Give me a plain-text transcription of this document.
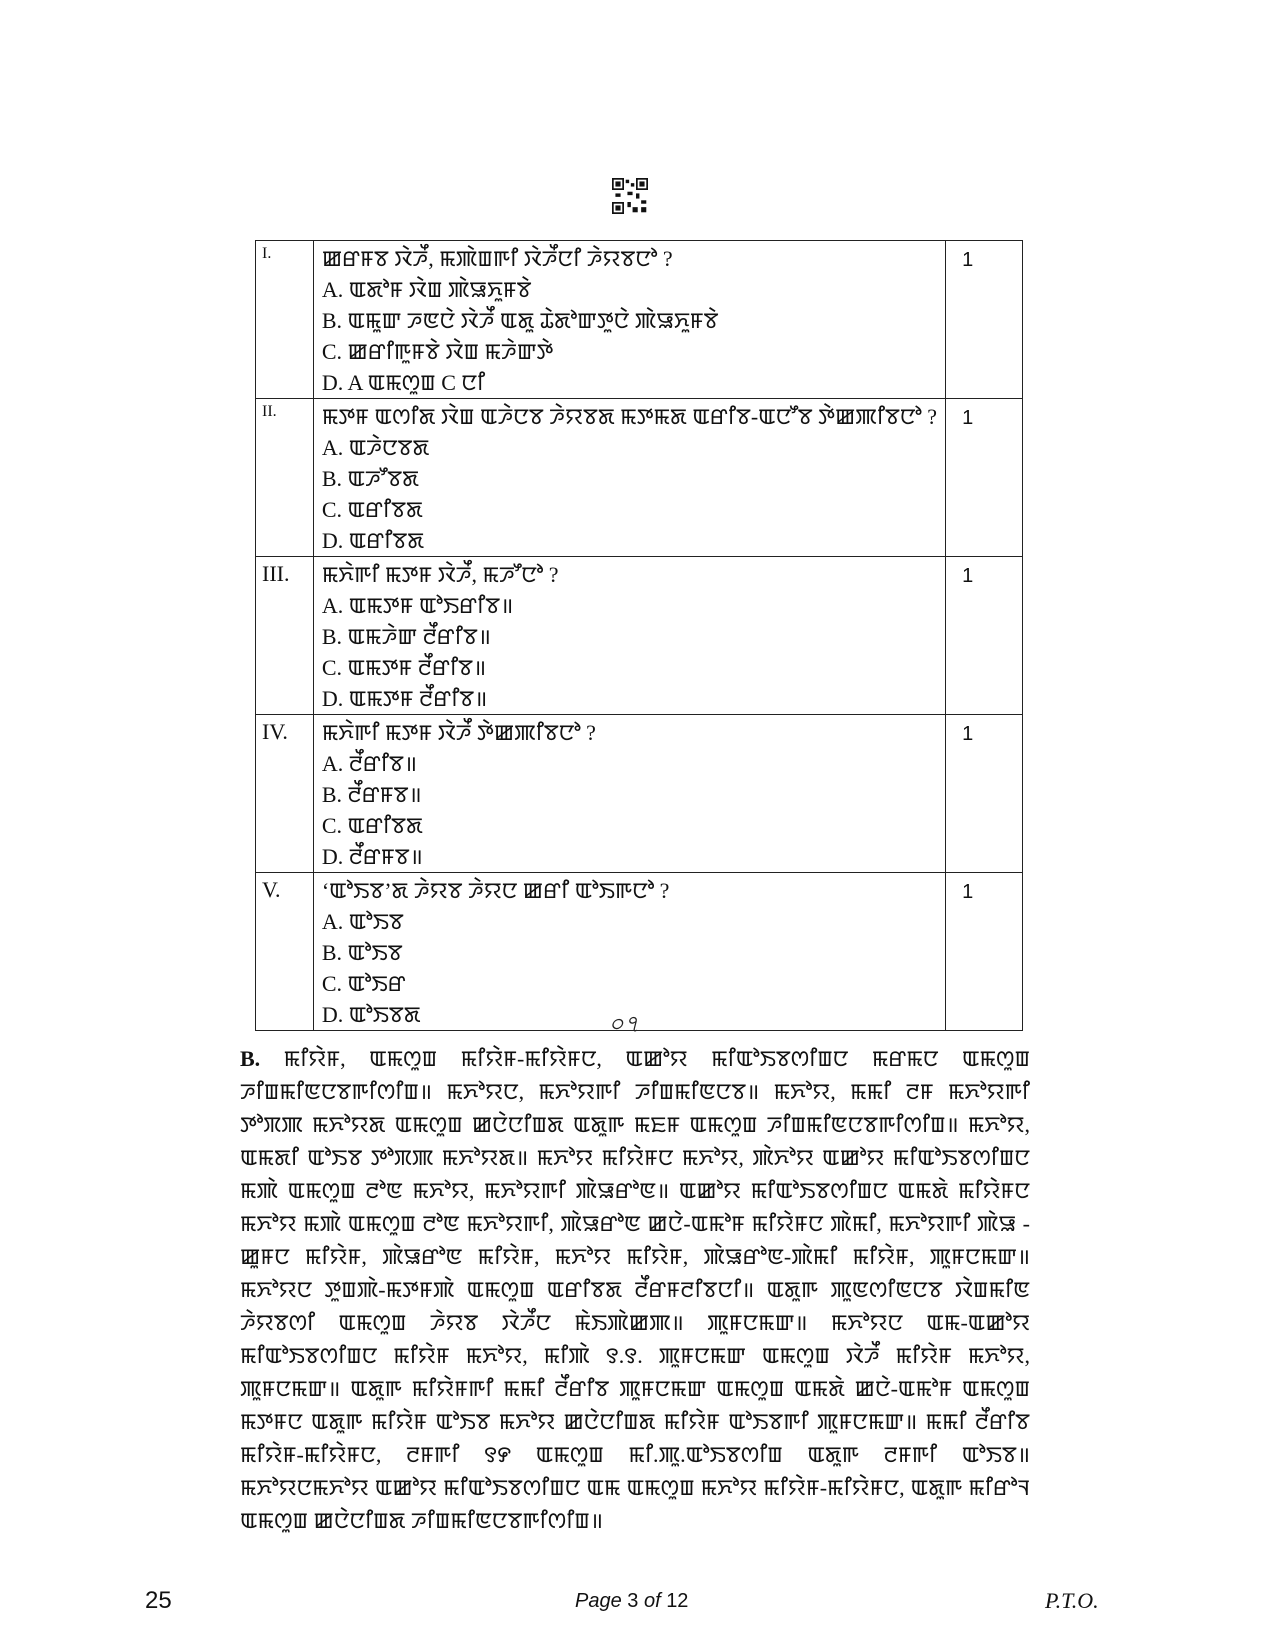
I.	ꯀꯔꯝꯕ ꯋꯥꯍꯩ, ꯃꯄꯥꯡꯒꯤ ꯋꯥꯍꯩꯅꯤ ꯍꯥꯌꯕꯅꯣ ?
A. ꯑꯗꯣꯝ ꯋꯥꯡ ꯄꯥꯎꯈꯨꯝꯕꯥ
B. ꯑꯃꯨꯛ ꯍꯟꯅꯥ ꯋꯥꯍꯩ ꯑꯗꯨ ꯊꯥꯗꯣꯛꯇꯨꯅꯥ ꯄꯥꯎꯈꯨꯝꯕꯥ
C. ꯀꯔꯤꯒꯨꯝꯕꯥ ꯋꯥꯡ ꯃꯍꯥꯛꯇꯥ
D. A ꯑꯃꯁꯨꯡ C ꯅꯤ	1
II.	ꯃꯇꯝ ꯑꯁꯤꯗ ꯋꯥꯡ ꯑꯍꯥꯅꯕ ꯍꯥꯌꯕꯗ ꯃꯇꯃꯗ ꯑꯔꯤꯕ-ꯑꯅꯧꯕ ꯇꯥꯀꯄꯤꯕꯅꯣ ?
A. ꯑꯍꯥꯅꯕꯗ
B. ꯑꯍꯧꯕꯗ
C. ꯑꯔꯤꯕꯗ
D. ꯑꯔꯤꯕꯗ	1
III.	ꯃꯈꯥꯒꯤ ꯃꯇꯝ ꯋꯥꯍꯩ, ꯃꯍꯧꯅꯣ ?
A. ꯑꯃꯇꯝ ꯑꯣꯏꯔꯤꯕ॥
B. ꯑꯃꯍꯥꯛ ꯂꯩꯔꯤꯕ॥
C. ꯑꯃꯇꯝ ꯂꯩꯔꯤꯕ॥
D. ꯑꯃꯇꯝ ꯂꯩꯔꯤꯕ॥	1
IV.	ꯃꯈꯥꯒꯤ ꯃꯇꯝ ꯋꯥꯍꯩ ꯇꯥꯀꯄꯤꯕꯅꯣ ?
A. ꯂꯩꯔꯤꯕ॥
B. ꯂꯩꯔꯝꯕ॥
C. ꯑꯔꯤꯕꯗ
D. ꯂꯩꯔꯝꯕ॥	1
V.	‘ꯑꯣꯏꯕ’ꯗ ꯍꯥꯌꯕ ꯍꯥꯌꯅ ꯀꯔꯤ ꯑꯣꯏꯒꯅꯣ ?
A. ꯑꯣꯏꯕ
B. ꯑꯣꯏꯕ
C. ꯑꯣꯏꯔ
D. ꯑꯣꯏꯕꯗ	1
০৭
B. ꯃꯤꯌꯥꯝ, ꯑꯃꯁꯨꯡ ꯃꯤꯌꯥꯝ-ꯃꯤꯌꯥꯝꯅ, ꯑꯀꯣꯌ ꯃꯤꯑꯣꯏꯕꯁꯤꯡꯅ ꯃꯔꯃꯅ ꯑꯃꯁꯨꯡ ꯍꯤꯡꯃꯤꯟꯅꯕꯒꯤꯁꯤꯡ॥ ꯃꯈꯣꯌꯅ, ꯃꯈꯣꯌꯒꯤ ꯍꯤꯡꯃꯤꯟꯅꯕ॥ ꯃꯈꯣꯌ, ꯃꯃꯤ ꯂꯝ ꯃꯈꯣꯌꯒꯤ ꯇꯣꯞꯄ ꯃꯈꯣꯌꯗ ꯑꯃꯁꯨꯡ ꯀꯅꯥꯅꯤꯡꯗ ꯑꯗꯨꯒ ꯃꯐꯝ ꯑꯃꯁꯨꯡ ꯍꯤꯡꯃꯤꯟꯅꯕꯒꯤꯁꯤꯡ॥ ꯃꯈꯣꯌ, ꯑꯃꯗꯤ ꯑꯣꯏꯕ ꯇꯣꯞꯄ ꯃꯈꯣꯌꯗ॥ ꯃꯈꯣꯌ ꯃꯤꯌꯥꯝꯅ ꯃꯈꯣꯌ, ꯄꯥꯈꯣꯌ ꯑꯀꯣꯌ ꯃꯤꯑꯣꯏꯕꯁꯤꯡꯅ ꯃꯄꯥ ꯑꯃꯁꯨꯡ ꯂꯣꯟ ꯃꯈꯣꯌ, ꯃꯈꯣꯌꯒꯤ ꯄꯥꯎꯔꯣꯟ॥ ꯑꯀꯣꯌ ꯃꯤꯑꯣꯏꯕꯁꯤꯡꯅ ꯑꯃꯗꯥ ꯃꯤꯌꯥꯝꯅ ꯃꯈꯣꯌ ꯃꯄꯥ ꯑꯃꯁꯨꯡ ꯂꯣꯟ ꯃꯈꯣꯌꯒꯤ, ꯄꯥꯎꯔꯣꯟ ꯀꯅꯥ-ꯑꯃꯣꯝ ꯃꯤꯌꯥꯝꯅ ꯄꯥꯃꯤ, ꯃꯈꯣꯌꯒꯤ ꯄꯥꯎ - ꯀꯨꯝꯅ ꯃꯤꯌꯥꯝ, ꯄꯥꯎꯔꯣꯟ ꯃꯤꯌꯥꯝ, ꯃꯈꯣꯌ ꯃꯤꯌꯥꯝ, ꯄꯥꯎꯔꯣꯟ-ꯄꯥꯃꯤ ꯃꯤꯌꯥꯝ, ꯄꯨꯝꯅꯃꯛ॥ ꯃꯈꯣꯌꯅ ꯇꯨꯡꯄꯥ-ꯃꯇꯝꯄꯥ ꯑꯃꯁꯨꯡ ꯑꯔꯤꯕꯗ ꯂꯩꯔꯝꯂꯤꯕꯅꯤ॥ ꯑꯗꯨꯒ ꯄꯨꯟꯁꯤꯟꯅꯕ ꯋꯥꯡꯃꯤꯟ ꯍꯥꯌꯕꯁꯤ ꯑꯃꯁꯨꯡ ꯍꯥꯌꯕ ꯋꯥꯍꯩꯅ ꯃꯥꯏꯄꯥꯀꯄ॥ ꯄꯨꯝꯅꯃꯛ॥ ꯃꯈꯣꯌꯅ ꯑꯃ-ꯑꯀꯣꯌ ꯃꯤꯑꯣꯏꯕꯁꯤꯡꯅ ꯃꯤꯌꯥꯝ ꯃꯈꯣꯌ, ꯃꯤꯄꯥ ꯱.꯱. ꯄꯨꯝꯅꯃꯛ ꯑꯃꯁꯨꯡ ꯋꯥꯍꯩ ꯃꯤꯌꯥꯝ ꯃꯈꯣꯌ, ꯄꯨꯝꯅꯃꯛ॥ ꯑꯗꯨꯒ ꯃꯤꯌꯥꯝꯒꯤ ꯃꯃꯤ ꯂꯩꯔꯤꯕ ꯄꯨꯝꯅꯃꯛ ꯑꯃꯁꯨꯡ ꯑꯃꯗꯥ ꯀꯅꯥ-ꯑꯃꯣꯝ ꯑꯃꯁꯨꯡ ꯃꯇꯝꯅ ꯑꯗꯨꯒ ꯃꯤꯌꯥꯝ ꯑꯣꯏꯕ ꯃꯈꯣꯌ ꯀꯅꯥꯅꯤꯡꯗ ꯃꯤꯌꯥꯝ ꯑꯣꯏꯕꯒꯤ ꯄꯨꯝꯅꯃꯛ॥ ꯃꯃꯤ ꯂꯩꯔꯤꯕ ꯃꯤꯌꯥꯝ-ꯃꯤꯌꯥꯝꯅ, ꯂꯝꯒꯤ ꯱꯸ ꯑꯃꯁꯨꯡ ꯃꯤ.ꯄꯨ.ꯑꯣꯏꯕꯁꯤꯡ ꯑꯗꯨꯒ ꯂꯝꯒꯤ ꯑꯣꯏꯕ॥ ꯃꯈꯣꯌꯅꯃꯈꯣꯌ ꯑꯀꯣꯌ ꯃꯤꯑꯣꯏꯕꯁꯤꯡꯅ ꯑꯃ ꯑꯃꯁꯨꯡ ꯃꯈꯣꯌ ꯃꯤꯌꯥꯝ-ꯃꯤꯌꯥꯝꯅ, ꯑꯗꯨꯒ ꯃꯤꯔꯣꯜ ꯑꯃꯁꯨꯡ ꯀꯅꯥꯅꯤꯡꯗ ꯍꯤꯡꯃꯤꯟꯅꯕꯒꯤꯁꯤꯡ॥
25	Page 3 of 12	P.T.O.
